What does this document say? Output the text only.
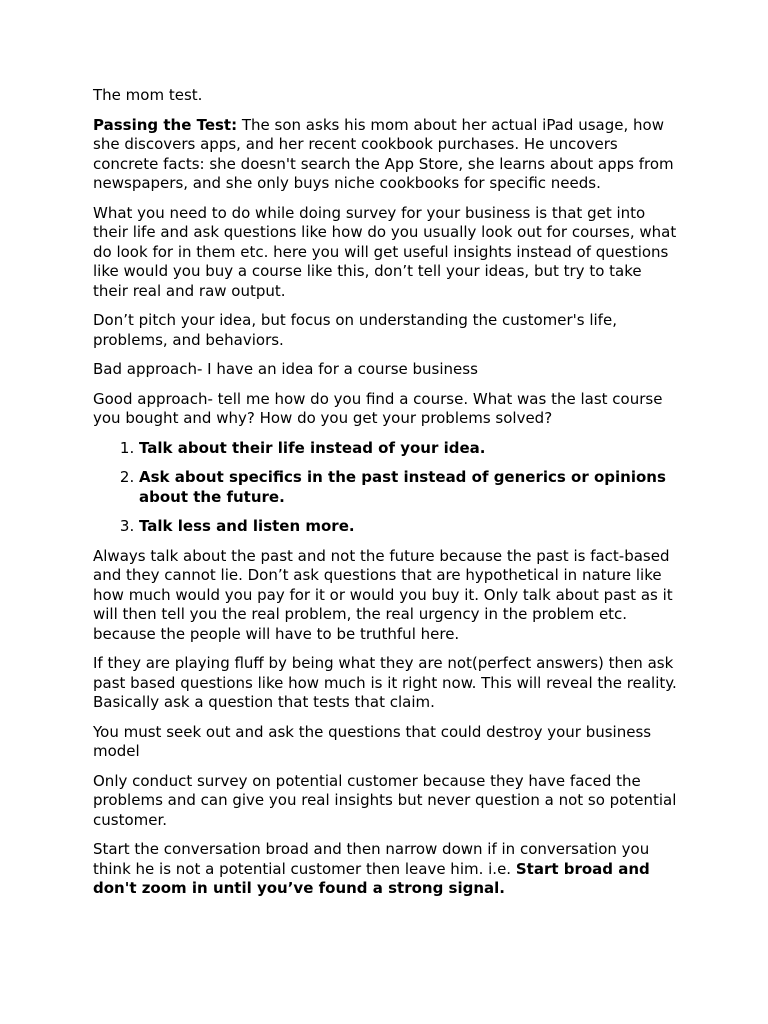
The mom test.

Passing the Test: The son asks his mom about her actual iPad usage, how she discovers apps, and her recent cookbook purchases. He uncovers concrete facts: she doesn't search the App Store, she learns about apps from newspapers, and she only buys niche cookbooks for specific needs.

What you need to do while doing survey for your business is that get into their life and ask questions like how do you usually look out for courses, what do look for in them etc. here you will get useful insights instead of questions like would you buy a course like this, don’t tell your ideas, but try to take their real and raw output.

Don’t pitch your idea, but focus on understanding the customer's life, problems, and behaviors.

Bad approach- I have an idea for a course business

Good approach- tell me how do you find a course. What was the last course you bought and why? How do you get your problems solved?

1. Talk about their life instead of your idea.
2. Ask about specifics in the past instead of generics or opinions about the future.
3. Talk less and listen more.

Always talk about the past and not the future because the past is fact-based and they cannot lie. Don’t ask questions that are hypothetical in nature like how much would you pay for it or would you buy it. Only talk about past as it will then tell you the real problem, the real urgency in the problem etc. because the people will have to be truthful here.

If they are playing fluff by being what they are not(perfect answers) then ask past based questions like how much is it right now. This will reveal the reality. Basically ask a question that tests that claim.

You must seek out and ask the questions that could destroy your business model

Only conduct survey on potential customer because they have faced the problems and can give you real insights but never question a not so potential customer.

Start the conversation broad and then narrow down if in conversation you think he is not a potential customer then leave him. i.e. Start broad and don't zoom in until you’ve found a strong signal.
